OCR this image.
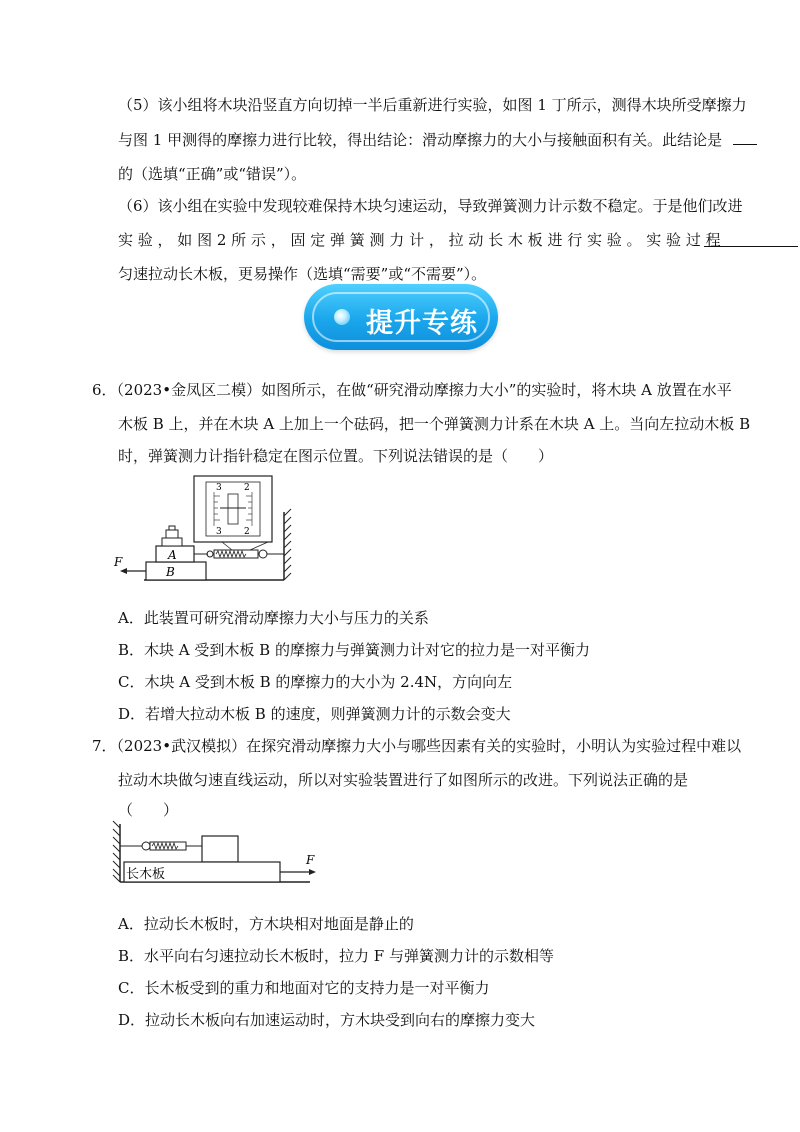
（5）该小组将木块沿竖直方向切掉一半后重新进行实验，如图 1 丁所示，测得木块所受摩擦力
与图 1 甲测得的摩擦力进行比较，得出结论：滑动摩擦力的大小与接触面积有关。此结论是
的（选填“正确”或“错误”）。
（6）该小组在实验中发现较难保持木块匀速运动，导致弹簧测力计示数不稳定。于是他们改进
实 验 ， 如 图 2 所 示 ， 固 定 弹 簧 测 力 计 ， 拉 动 长 木 板 进 行 实 验 。 实 验 过 程
匀速拉动长木板，更易操作（选填“需要”或“不需要”）。
提升专练
6．（2023•金凤区二模）如图所示，在做“研究滑动摩擦力大小”的实验时，将木块 A 放置在水平
木板 B 上，并在木块 A 上加上一个砝码，把一个弹簧测力计系在木块 A 上。当向左拉动木板 B
时，弹簧测力计指针稳定在图示位置。下列说法错误的是（　　）
B
A
F
3 2
3 2
A．此装置可研究滑动摩擦力大小与压力的关系
B．木块 A 受到木板 B 的摩擦力与弹簧测力计对它的拉力是一对平衡力
C．木块 A 受到木板 B 的摩擦力的大小为 2.4N，方向向左
D．若增大拉动木板 B 的速度，则弹簧测力计的示数会变大
7．（2023•武汉模拟）在探究滑动摩擦力大小与哪些因素有关的实验时，小明认为实验过程中难以
拉动木块做匀速直线运动，所以对实验装置进行了如图所示的改进。下列说法正确的是
（　　）
长木板
F
A．拉动长木板时，方木块相对地面是静止的
B．水平向右匀速拉动长木板时，拉力 F 与弹簧测力计的示数相等
C．长木板受到的重力和地面对它的支持力是一对平衡力
D．拉动长木板向右加速运动时，方木块受到向右的摩擦力变大
